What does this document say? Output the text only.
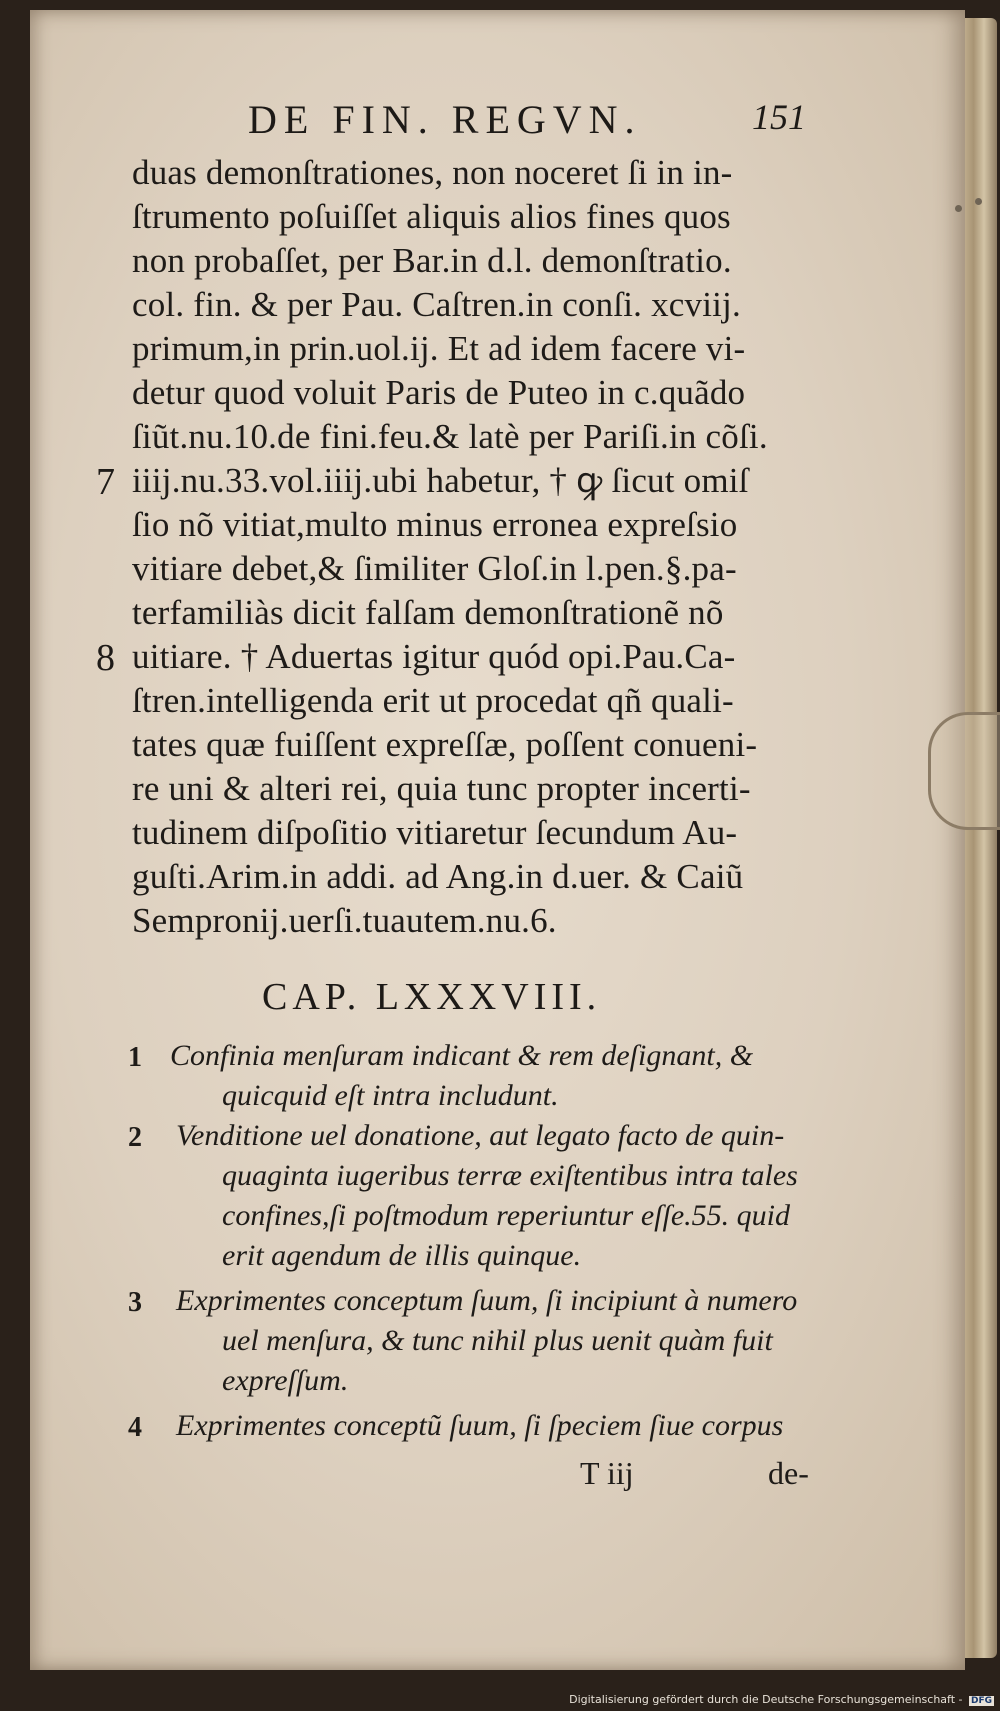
DE FIN. REGVN.	151
duas demonſtrationes, non noceret ſi in in-
ſtrumento poſuiſſet aliquis alios fines quos
non probaſſet, per Bar.in d.l. demonſtratio.
col. fin. & per Pau. Caſtren.in conſi. xcviij.
primum,in prin.uol.ij. Et ad idem facere vi-
detur quod voluit Paris de Puteo in c.quãdo
ſiũt.nu.10.de fini.feu.& latè per Pariſi.in cõſi.
iiij.nu.33.vol.iiij.ubi habetur, † ꝙ ſicut omiſ
ſio nõ vitiat,multo minus erronea expreſsio
vitiare debet,& ſimiliter Gloſ.in l.pen.§.pa-
terfamiliàs dicit falſam demonſtrationẽ nõ
uitiare. † Aduertas igitur quód opi.Pau.Ca-
ſtren.intelligenda erit ut procedat qñ quali-
tates quæ fuiſſent expreſſæ, poſſent conueni-
re uni & alteri rei, quia tunc propter incerti-
tudinem diſpoſitio vitiaretur ſecundum Au-
guſti.Arim.in addi. ad Ang.in d.uer. & Caiũ
Sempronij.uerſi.tuautem.nu.6.
7
8
CAP. LXXXVIII.
1 Confinia menſuram indicant & rem deſignant, &
quicquid eſt intra includunt.
2 Venditione uel donatione, aut legato facto de quin-
quaginta iugeribus terræ exiſtentibus intra tales
confines,ſi poſtmodum reperiuntur eſſe.55. quid
erit agendum de illis quinque.
3 Exprimentes conceptum ſuum, ſi incipiunt à numero
uel menſura, & tunc nihil plus uenit quàm fuit
expreſſum.
4 Exprimentes conceptũ ſuum, ſi ſpeciem ſiue corpus
T iij	de-
Digitalisierung gefördert durch die Deutsche Forschungsgemeinschaft - DFG
